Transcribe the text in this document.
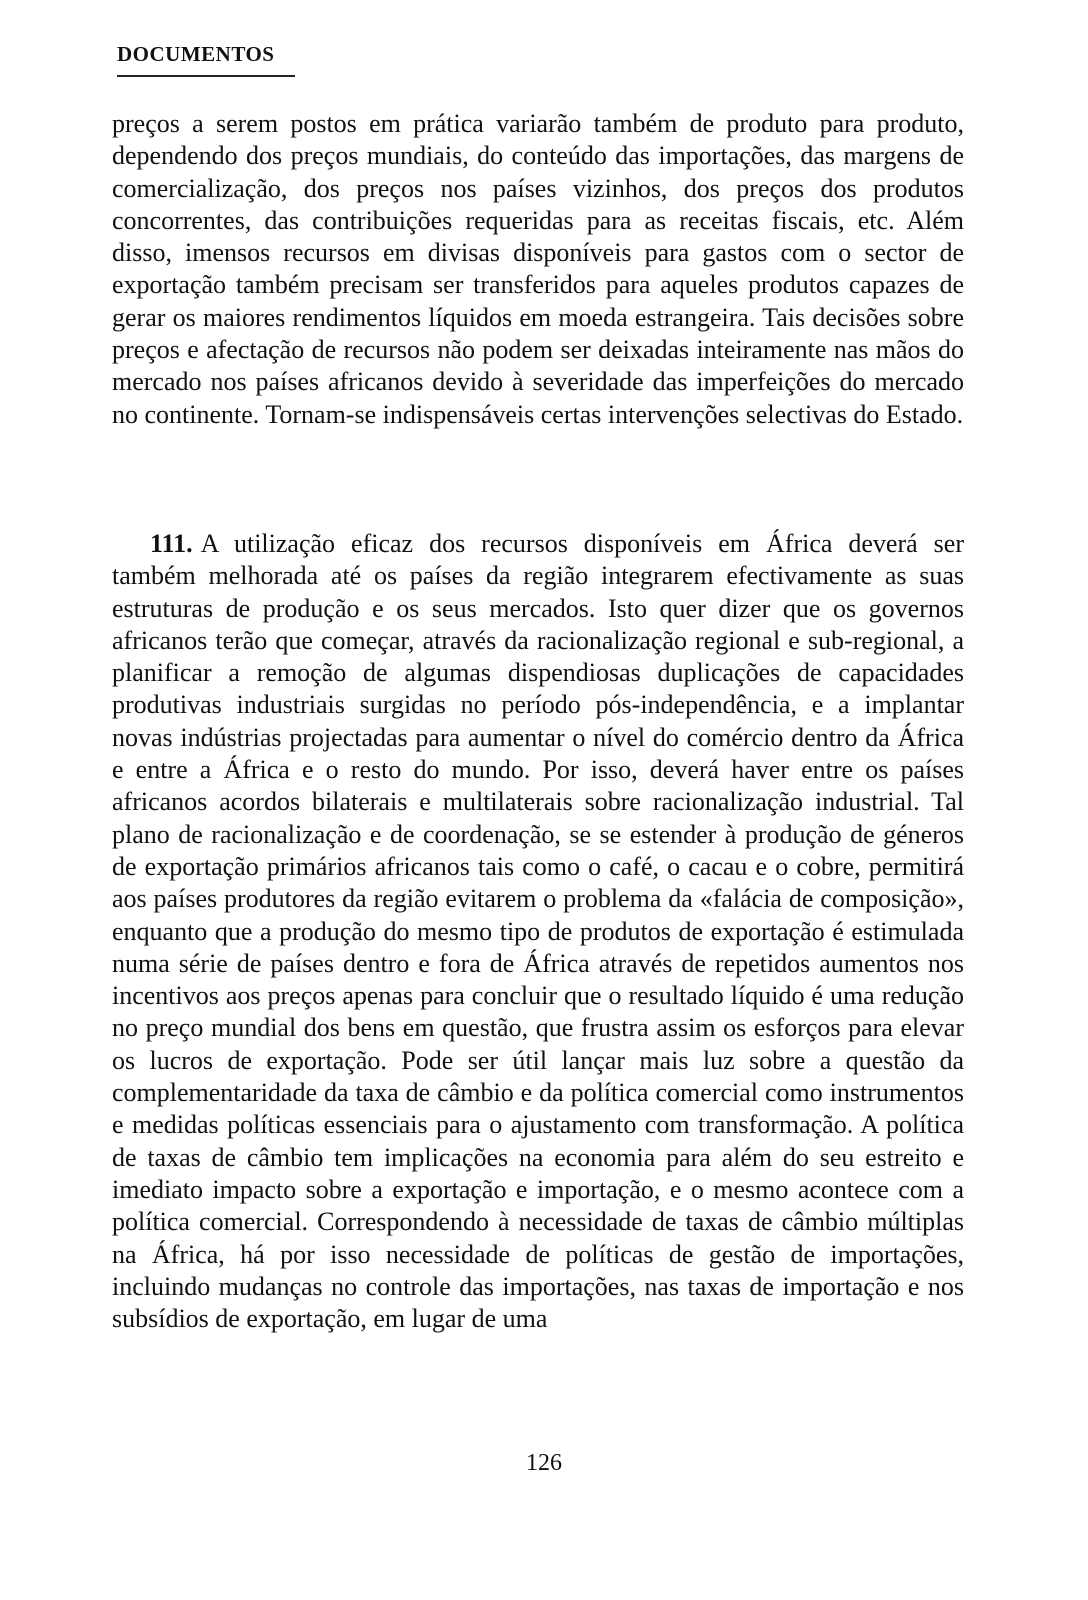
DOCUMENTOS
preços a serem postos em prática variarão também de produto para produto, dependendo dos preços mundiais, do conteúdo das importações, das margens de comercialização, dos preços nos países vizinhos, dos preços dos produtos concorrentes, das contribuições requeridas para as receitas fiscais, etc. Além disso, imensos recursos em divisas disponíveis para gastos com o sector de exportação também precisam ser transferidos para aqueles produtos capazes de gerar os maiores rendimentos líquidos em moeda estrangeira. Tais decisões sobre preços e afectação de recursos não podem ser deixadas inteiramente nas mãos do mercado nos países africanos devido à severidade das imperfeições do mercado no continente. Tornam-se indispensáveis certas intervenções selectivas do Estado.
111. A utilização eficaz dos recursos disponíveis em África deverá ser também melhorada até os países da região integrarem efectivamente as suas estruturas de produção e os seus mercados. Isto quer dizer que os governos africanos terão que começar, através da racionalização regional e sub-regional, a planificar a remoção de algumas dispendiosas duplicações de capacidades produtivas industriais surgidas no período pós-independência, e a implantar novas indústrias projectadas para aumentar o nível do comércio dentro da África e entre a África e o resto do mundo. Por isso, deverá haver entre os países africanos acordos bilaterais e multilaterais sobre racionalização industrial. Tal plano de racionalização e de coordenação, se se estender à produção de géneros de exportação primários africanos tais como o café, o cacau e o cobre, permitirá aos países produtores da região evitarem o problema da «falácia de composição», enquanto que a produção do mesmo tipo de produtos de exportação é estimulada numa série de países dentro e fora de África através de repetidos aumentos nos incentivos aos preços apenas para concluir que o resultado líquido é uma redução no preço mundial dos bens em questão, que frustra assim os esforços para elevar os lucros de exportação. Pode ser útil lançar mais luz sobre a questão da complementaridade da taxa de câmbio e da política comercial como instrumentos e medidas políticas essenciais para o ajustamento com transformação. A política de taxas de câmbio tem implicações na economia para além do seu estreito e imediato impacto sobre a exportação e importação, e o mesmo acontece com a política comercial. Correspondendo à necessidade de taxas de câmbio múltiplas na África, há por isso necessidade de políticas de gestão de importações, incluindo mudanças no controle das importações, nas taxas de importação e nos subsídios de exportação, em lugar de uma
126
